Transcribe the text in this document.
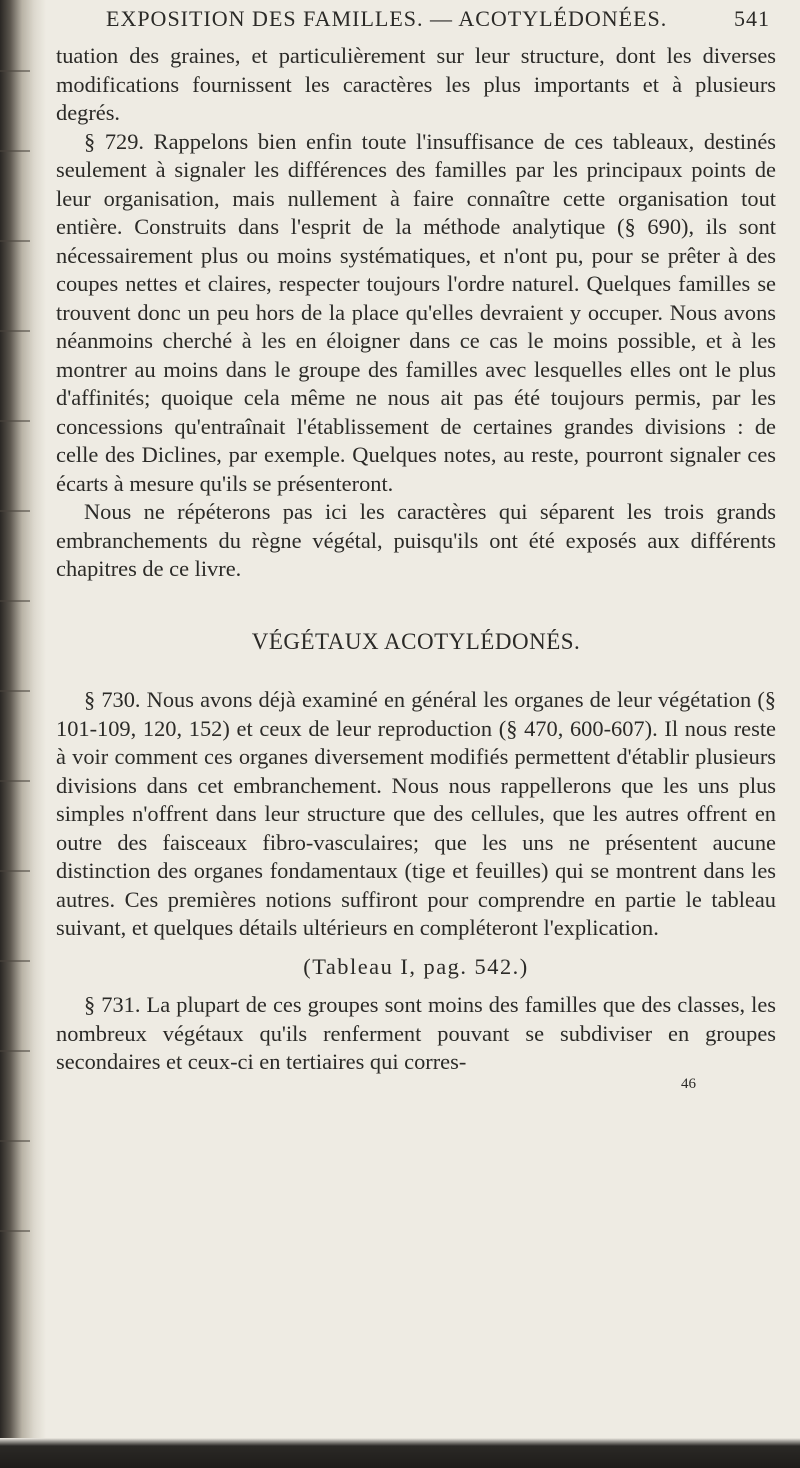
EXPOSITION DES FAMILLES. — ACOTYLÉDONÉES.	541

tuation des graines, et particulièrement sur leur structure, dont les diverses modifications fournissent les caractères les plus importants et à plusieurs degrés.

§ 729. Rappelons bien enfin toute l'insuffisance de ces tableaux, destinés seulement à signaler les différences des familles par les principaux points de leur organisation, mais nullement à faire connaître cette organisation tout entière. Construits dans l'esprit de la méthode analytique (§ 690), ils sont nécessairement plus ou moins systématiques, et n'ont pu, pour se prêter à des coupes nettes et claires, respecter toujours l'ordre naturel. Quelques familles se trouvent donc un peu hors de la place qu'elles devraient y occuper. Nous avons néanmoins cherché à les en éloigner dans ce cas le moins possible, et à les montrer au moins dans le groupe des familles avec lesquelles elles ont le plus d'affinités; quoique cela même ne nous ait pas été toujours permis, par les concessions qu'entraînait l'établissement de certaines grandes divisions : de celle des Diclines, par exemple. Quelques notes, au reste, pourront signaler ces écarts à mesure qu'ils se présenteront.

Nous ne répéterons pas ici les caractères qui séparent les trois grands embranchements du règne végétal, puisqu'ils ont été exposés aux différents chapitres de ce livre.

VÉGÉTAUX ACOTYLÉDONÉS.

§ 730. Nous avons déjà examiné en général les organes de leur végétation (§ 101-109, 120, 152) et ceux de leur reproduction (§ 470, 600-607). Il nous reste à voir comment ces organes diversement modifiés permettent d'établir plusieurs divisions dans cet embranchement. Nous nous rappellerons que les uns plus simples n'offrent dans leur structure que des cellules, que les autres offrent en outre des faisceaux fibro-vasculaires; que les uns ne présentent aucune distinction des organes fondamentaux (tige et feuilles) qui se montrent dans les autres. Ces premières notions suffiront pour comprendre en partie le tableau suivant, et quelques détails ultérieurs en compléteront l'explication.

(Tableau I, pag. 542.)

§ 731. La plupart de ces groupes sont moins des familles que des classes, les nombreux végétaux qu'ils renferment pouvant se subdiviser en groupes secondaires et ceux-ci en tertiaires qui corres-

46
